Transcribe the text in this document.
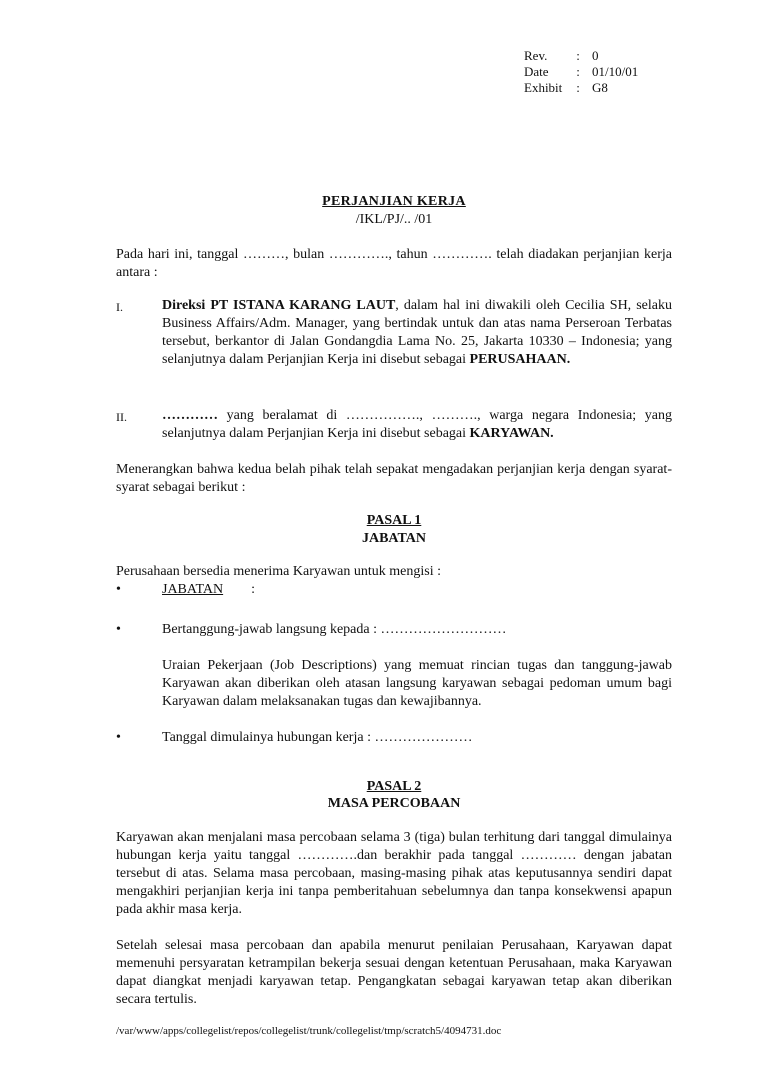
Rev.	:	0
Date	:	01/10/01
Exhibit	:	G8
PERJANJIAN KERJA
/IKL/PJ/.. /01
Pada hari ini, tanggal ………, bulan …………., tahun …………. telah diadakan perjanjian kerja antara :
I.	Direksi PT ISTANA KARANG LAUT, dalam hal ini diwakili oleh Cecilia SH, selaku Business Affairs/Adm. Manager, yang bertindak untuk dan atas nama Perseroan Terbatas tersebut, berkantor di Jalan Gondangdia Lama No. 25, Jakarta 10330 – Indonesia; yang selanjutnya dalam Perjanjian Kerja ini disebut sebagai PERUSAHAAN.
II.	………… yang beralamat di ……………., ………., warga negara Indonesia; yang selanjutnya dalam Perjanjian Kerja ini disebut sebagai KARYAWAN.
Menerangkan bahwa kedua belah pihak telah sepakat mengadakan perjanjian kerja dengan syarat-syarat sebagai berikut :
PASAL 1
JABATAN
Perusahaan bersedia menerima Karyawan untuk mengisi :
•	JABATAN :
•	Bertanggung-jawab langsung kepada : ………………………
Uraian Pekerjaan (Job Descriptions) yang memuat rincian tugas dan tanggung-jawab Karyawan akan diberikan oleh atasan langsung karyawan sebagai pedoman umum bagi Karyawan dalam melaksanakan tugas dan kewajibannya.
•	Tanggal dimulainya hubungan kerja : …………………
PASAL 2
MASA PERCOBAAN
Karyawan akan menjalani masa percobaan selama 3 (tiga) bulan terhitung dari tanggal dimulainya hubungan kerja yaitu tanggal ………….dan berakhir pada tanggal ………… dengan jabatan tersebut di atas. Selama masa percobaan, masing-masing pihak atas keputusannya sendiri dapat mengakhiri perjanjian kerja ini tanpa pemberitahuan sebelumnya dan tanpa konsekwensi apapun pada akhir masa kerja.
Setelah selesai masa percobaan dan apabila menurut penilaian Perusahaan, Karyawan dapat memenuhi persyaratan ketrampilan bekerja sesuai dengan ketentuan Perusahaan, maka Karyawan dapat diangkat menjadi karyawan tetap. Pengangkatan sebagai karyawan tetap akan diberikan secara tertulis.
/var/www/apps/collegelist/repos/collegelist/trunk/collegelist/tmp/scratch5/4094731.doc
